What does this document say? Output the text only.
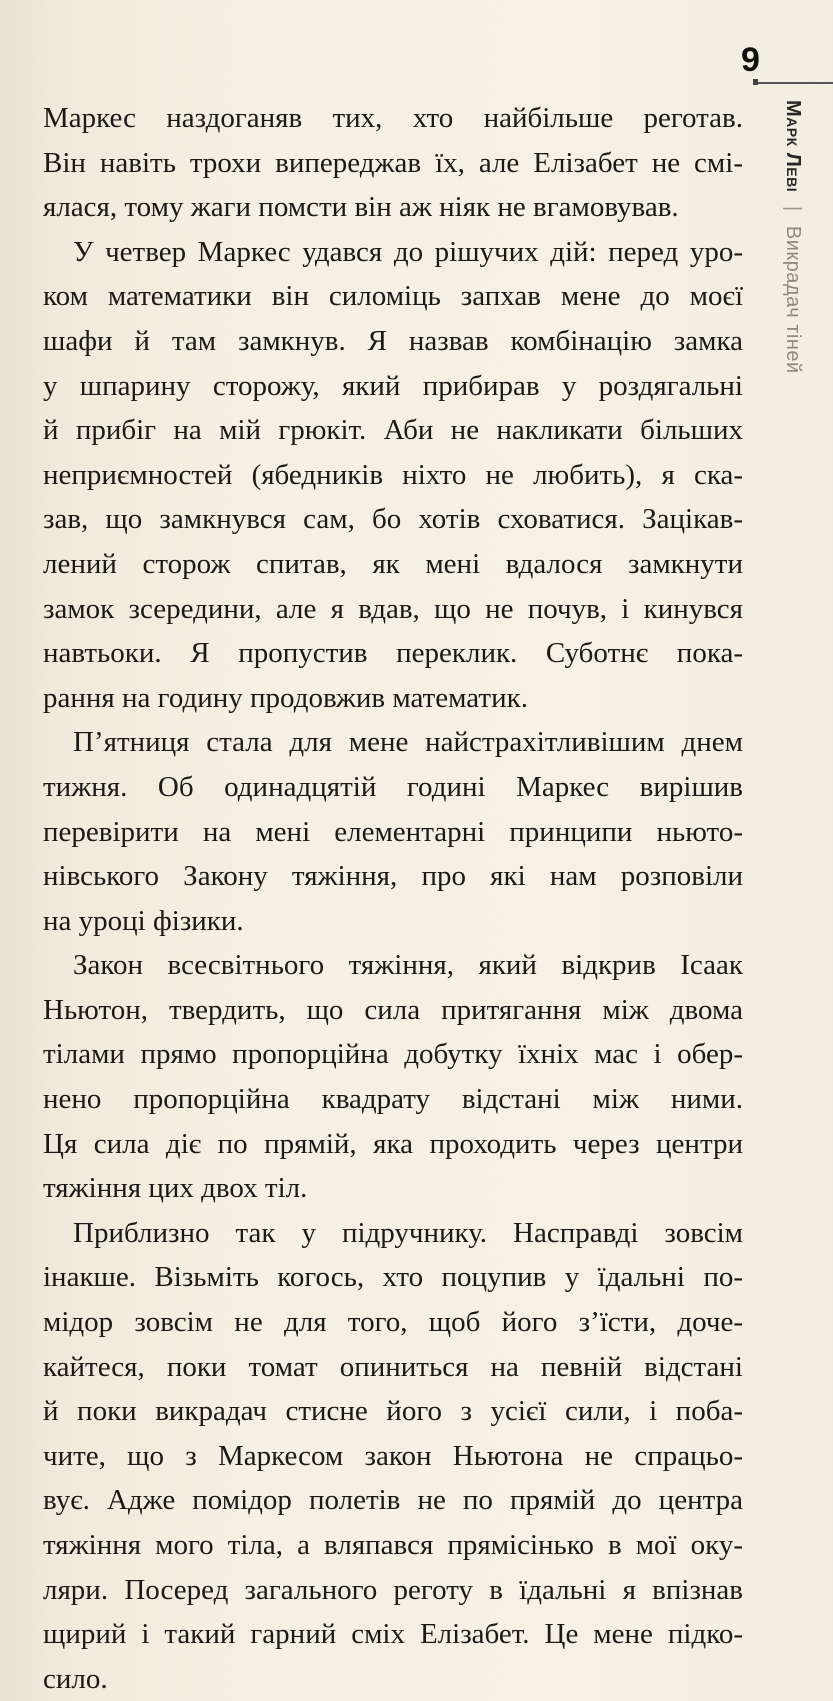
9
Марк Леві | Викрадач тіней

Маркес наздоганяв тих, хто найбільше реготав.
Він навіть трохи випереджав їх, але Елізабет не смі-
ялася, тому жаги помсти він аж ніяк не вгамовував.

У четвер Маркес удався до рішучих дій: перед уро-
ком математики він силоміць запхав мене до моєї
шафи й там замкнув. Я назвав комбінацію замка
у шпарину сторожу, який прибирав у роздягальні
й прибіг на мій грюкіт. Аби не накликати більших
неприємностей (ябедників ніхто не любить), я ска-
зав, що замкнувся сам, бо хотів сховатися. Зацікав-
лений сторож спитав, як мені вдалося замкнути
замок зсередини, але я вдав, що не почув, і кинувся
навтьоки. Я пропустив переклик. Суботнє пока-
рання на годину продовжив математик.

П’ятниця стала для мене найстрахітливішим днем
тижня. Об одинадцятій годині Маркес вирішив
перевірити на мені елементарні принципи ньюто-
нівського Закону тяжіння, про які нам розповіли
на уроці фізики.

Закон всесвітнього тяжіння, який відкрив Ісаак
Ньютон, твердить, що сила притягання між двома
тілами прямо пропорційна добутку їхніх мас і обер-
нено пропорційна квадрату відстані між ними.
Ця сила діє по прямій, яка проходить через центри
тяжіння цих двох тіл.

Приблизно так у підручнику. Насправді зовсім
інакше. Візьміть когось, хто поцупив у їдальні по-
мідор зовсім не для того, щоб його з’їсти, доче-
кайтеся, поки томат опиниться на певній відстані
й поки викрадач стисне його з усієї сили, і поба-
чите, що з Маркесом закон Ньютона не спрацьо-
вує. Адже помідор полетів не по прямій до центра
тяжіння мого тіла, а вляпався прямісінько в мої оку-
ляри. Посеред загального реготу в їдальні я впізнав
щирий і такий гарний сміх Елізабет. Це мене підко-
сило.
